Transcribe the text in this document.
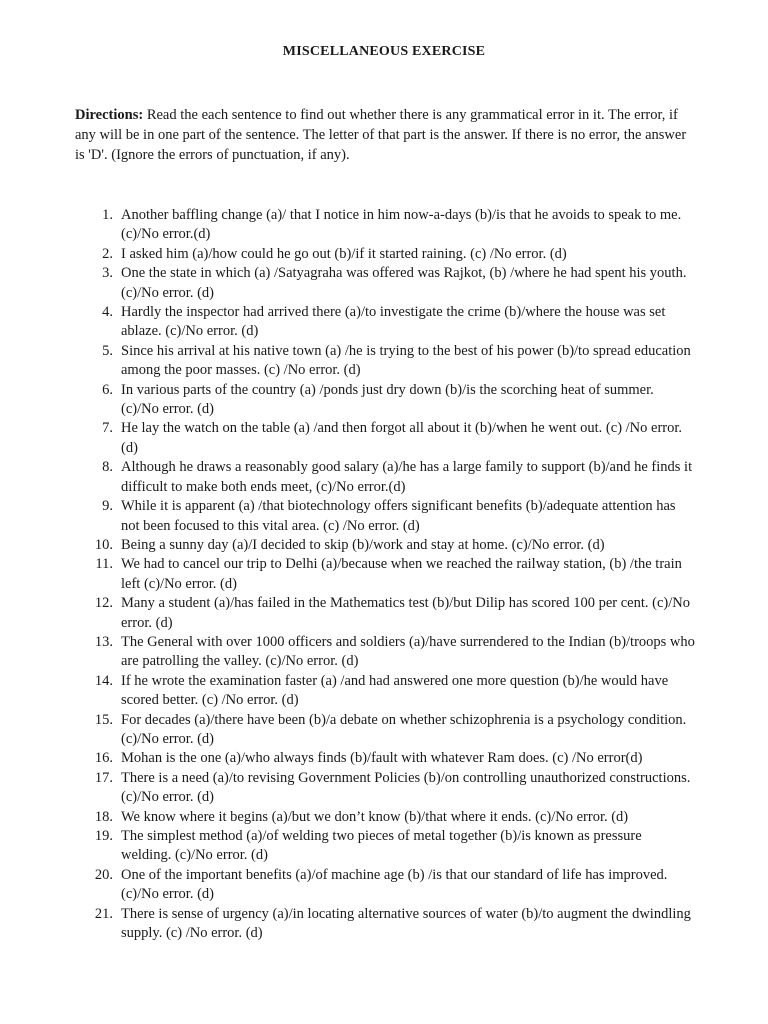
MISCELLANEOUS EXERCISE

Directions: Read the each sentence to find out whether there is any grammatical error in it. The error, if any will be in one part of the sentence. The letter of that part is the answer. If there is no error, the answer is 'D'. (Ignore the errors of punctuation, if any).

1. Another baffling change (a)/ that I notice in him now-a-days (b)/is that he avoids to speak to me. (c)/No error.(d)
2. I asked him (a)/how could he go out (b)/if it started raining. (c) /No error. (d)
3. One the state in which (a) /Satyagraha was offered was Rajkot, (b) /where he had spent his youth. (c)/No error. (d)
4. Hardly the inspector had arrived there (a)/to investigate the crime (b)/where the house was set ablaze. (c)/No error. (d)
5. Since his arrival at his native town (a) /he is trying to the best of his power (b)/to spread education among the poor masses. (c) /No error. (d)
6. In various parts of the country (a) /ponds just dry down (b)/is the scorching heat of summer. (c)/No error. (d)
7. He lay the watch on the table (a) /and then forgot all about it (b)/when he went out. (c) /No error. (d)
8. Although he draws a reasonably good salary (a)/he has a large family to support (b)/and he finds it difficult to make both ends meet, (c)/No error.(d)
9. While it is apparent (a) /that biotechnology offers significant benefits (b)/adequate attention has not been focused to this vital area. (c) /No error. (d)
10. Being a sunny day (a)/I decided to skip (b)/work and stay at home. (c)/No error. (d)
11. We had to cancel our trip to Delhi (a)/because when we reached the railway station, (b) /the train left (c)/No error. (d)
12. Many a student (a)/has failed in the Mathematics test (b)/but Dilip has scored 100 per cent. (c)/No error. (d)
13. The General with over 1000 officers and soldiers (a)/have surrendered to the Indian (b)/troops who are patrolling the valley. (c)/No error. (d)
14. If he wrote the examination faster (a) /and had answered one more question (b)/he would have scored better. (c) /No error. (d)
15. For decades (a)/there have been (b)/a debate on whether schizophrenia is a psychology condition. (c)/No error. (d)
16. Mohan is the one (a)/who always finds (b)/fault with whatever Ram does. (c) /No error(d)
17. There is a need (a)/to revising Government Policies (b)/on controlling unauthorized constructions. (c)/No error. (d)
18. We know where it begins (a)/but we don’t know (b)/that where it ends. (c)/No error. (d)
19. The simplest method (a)/of welding two pieces of metal together (b)/is known as pressure welding. (c)/No error. (d)
20. One of the important benefits (a)/of machine age (b) /is that our standard of life has improved. (c)/No error. (d)
21. There is sense of urgency (a)/in locating alternative sources of water (b)/to augment the dwindling supply. (c) /No error. (d)
